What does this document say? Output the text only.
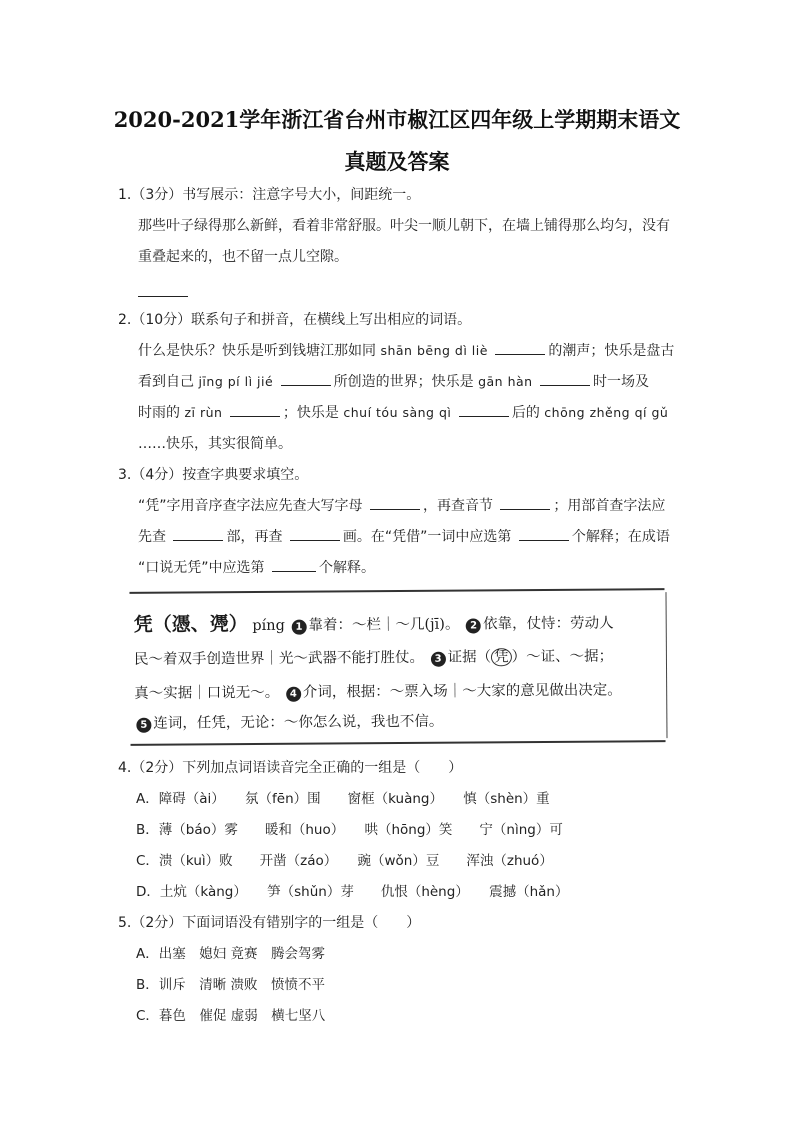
2020-2021学年浙江省台州市椒江区四年级上学期期末语文
真题及答案
1.（3分）书写展示：注意字号大小，间距统一。
那些叶子绿得那么新鲜，看着非常舒服。叶尖一顺儿朝下，在墙上铺得那么均匀，没有
重叠起来的，也不留一点儿空隙。
2.（10分）联系句子和拼音，在横线上写出相应的词语。
什么是快乐？快乐是听到钱塘江那如同 shān bēng dì liè	的潮声；快乐是盘古
看到自己 jīng pí lì jié	所创造的世界；快乐是 gān hàn	时一场及
时雨的 zī rùn	；快乐是 chuí tóu sàng qì	后的 chōng zhěng qí gǔ
……快乐，其实很简单。
3.（4分）按查字典要求填空。
“凭”字用音序查字法应先查大写字母	，再查音节	；用部首查字法应
先查	部，再查	画。在“凭借”一词中应选第	个解释；在成语
“口说无凭”中应选第	个解释。
凭（憑、凴） píng 1 靠着：～栏｜～几(jī)。 2 依靠，仗恃：劳动人
民～着双手创造世界｜光～武器不能打胜仗。 3 证据（ 凭 ）～证、～据；
真～实据｜口说无～。 4 介词，根据：～票入场｜～大家的意见做出决定。
5 连词，任凭，无论：～你怎么说，我也不信。
4.（2分）下列加点词语读音完全正确的一组是（　　）
A．障碍（ài）　　氛（fēn）围　　窗框（kuàng）　　慎（shèn）重
B．薄（báo）雾　　暖和（huo）　　哄（hōng）笑　　宁（nìng）可
C．溃（kuì）败　　开凿（záo）　　豌（wǒn）豆　　浑浊（zhuó）
D．土炕（kàng）　　笋（shǔn）芽　　仇恨（hèng）　　震撼（hǎn）
5.（2分）下面词语没有错别字的一组是（　　）
A．出塞　媳妇 竟赛　腾会驾雾
B．训斥　清晰 溃败　愤愤不平
C．暮色　催促 虚弱　横七坚八
